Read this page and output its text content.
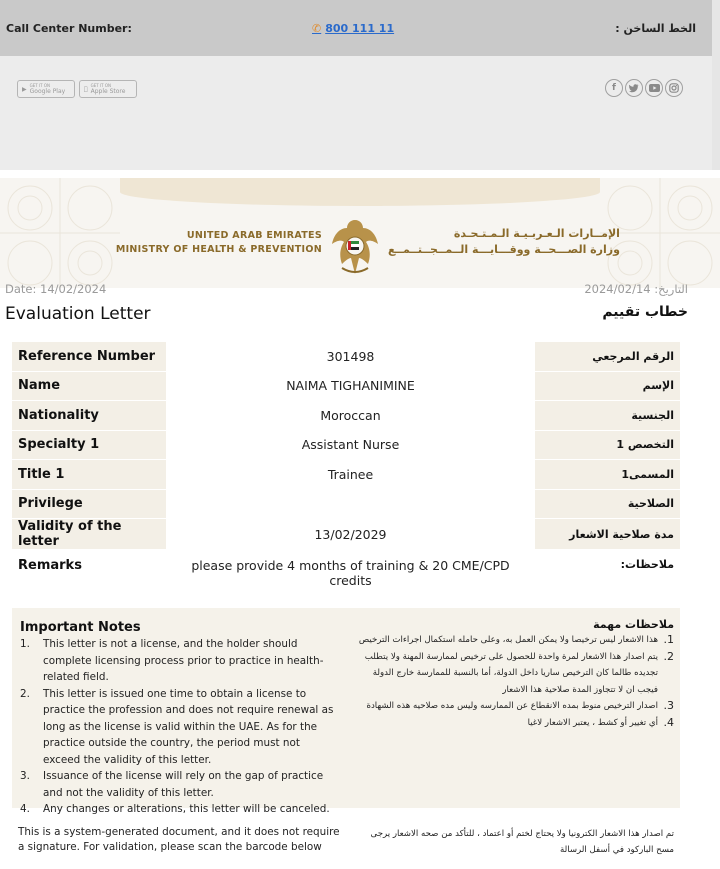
Call Center Number:	✆ 800 111 11	الخط الساخن :
▶ GET IT ON
Google Play
GET IT ON
Apple Store	f
UNITED ARAB EMIRATES
MINISTRY OF HEALTH & PREVENTION
الإمــارات الـعـربـيـة الـمـتـحـدة
وزارة الصـــحــة ووقـــايـــة الــمــجــتــمــع
Date: 14/02/2024	التاريخ: 2024/02/14
Evaluation Letter	خطاب تقييم
Reference Number	301498	الرقم المرجعي
Name	NAIMA TIGHANIMINE	الإسم
Nationality	Moroccan	الجنسية
Specialty 1	Assistant Nurse	التخصص 1
Title 1	Trainee	المسمى1
Privilege		الصلاحية
Validity of the letter	13/02/2029	مدة صلاحية الاشعار
Remarks	please provide 4 months of training & 20 CME/CPD credits	ملاحظات:
Important Notes	ملاحظات مهمة
1. This letter is not a license, and the holder should complete licensing process prior to practice in health-related field.
2. This letter is issued one time to obtain a license to practice the profession and does not require renewal as long as the license is valid within the UAE. As for the practice outside the country, the period must not exceed the validity of this letter.
3. Issuance of the license will rely on the gap of practice and not the validity of this letter.
4. Any changes or alterations, this letter will be canceled.
1.
هذا الاشعار ليس ترخيصا ولا يمكن العمل به، وعلى حامله استكمال اجراءات الترخيص
2.
يتم اصدار هذا الاشعار لمرة واحدة للحصول على ترخيص لممارسة المهنة ولا يتطلب تجديده طالما كان الترخيص ساريا داخل الدولة، أما بالنسبة للممارسة خارج الدولة فيجب ان لا تتجاوز المدة صلاحية هذا الاشعار
3.
اصدار الترخيص منوط بمده الانقطاع عن الممارسه وليس مده صلاحيه هذه الشهادة
4.
أي تغيير أو كشط ، يعتبر الاشعار لاغيا
This is a system-generated document, and it does not require a signature. For validation, please scan the barcode below
تم اصدار هذا الاشعار الكترونيا ولا يحتاج لختم أو اعتماد ، للتأكد من صحه الاشعار يرجى مسح الباركود في أسفل الرسالة
